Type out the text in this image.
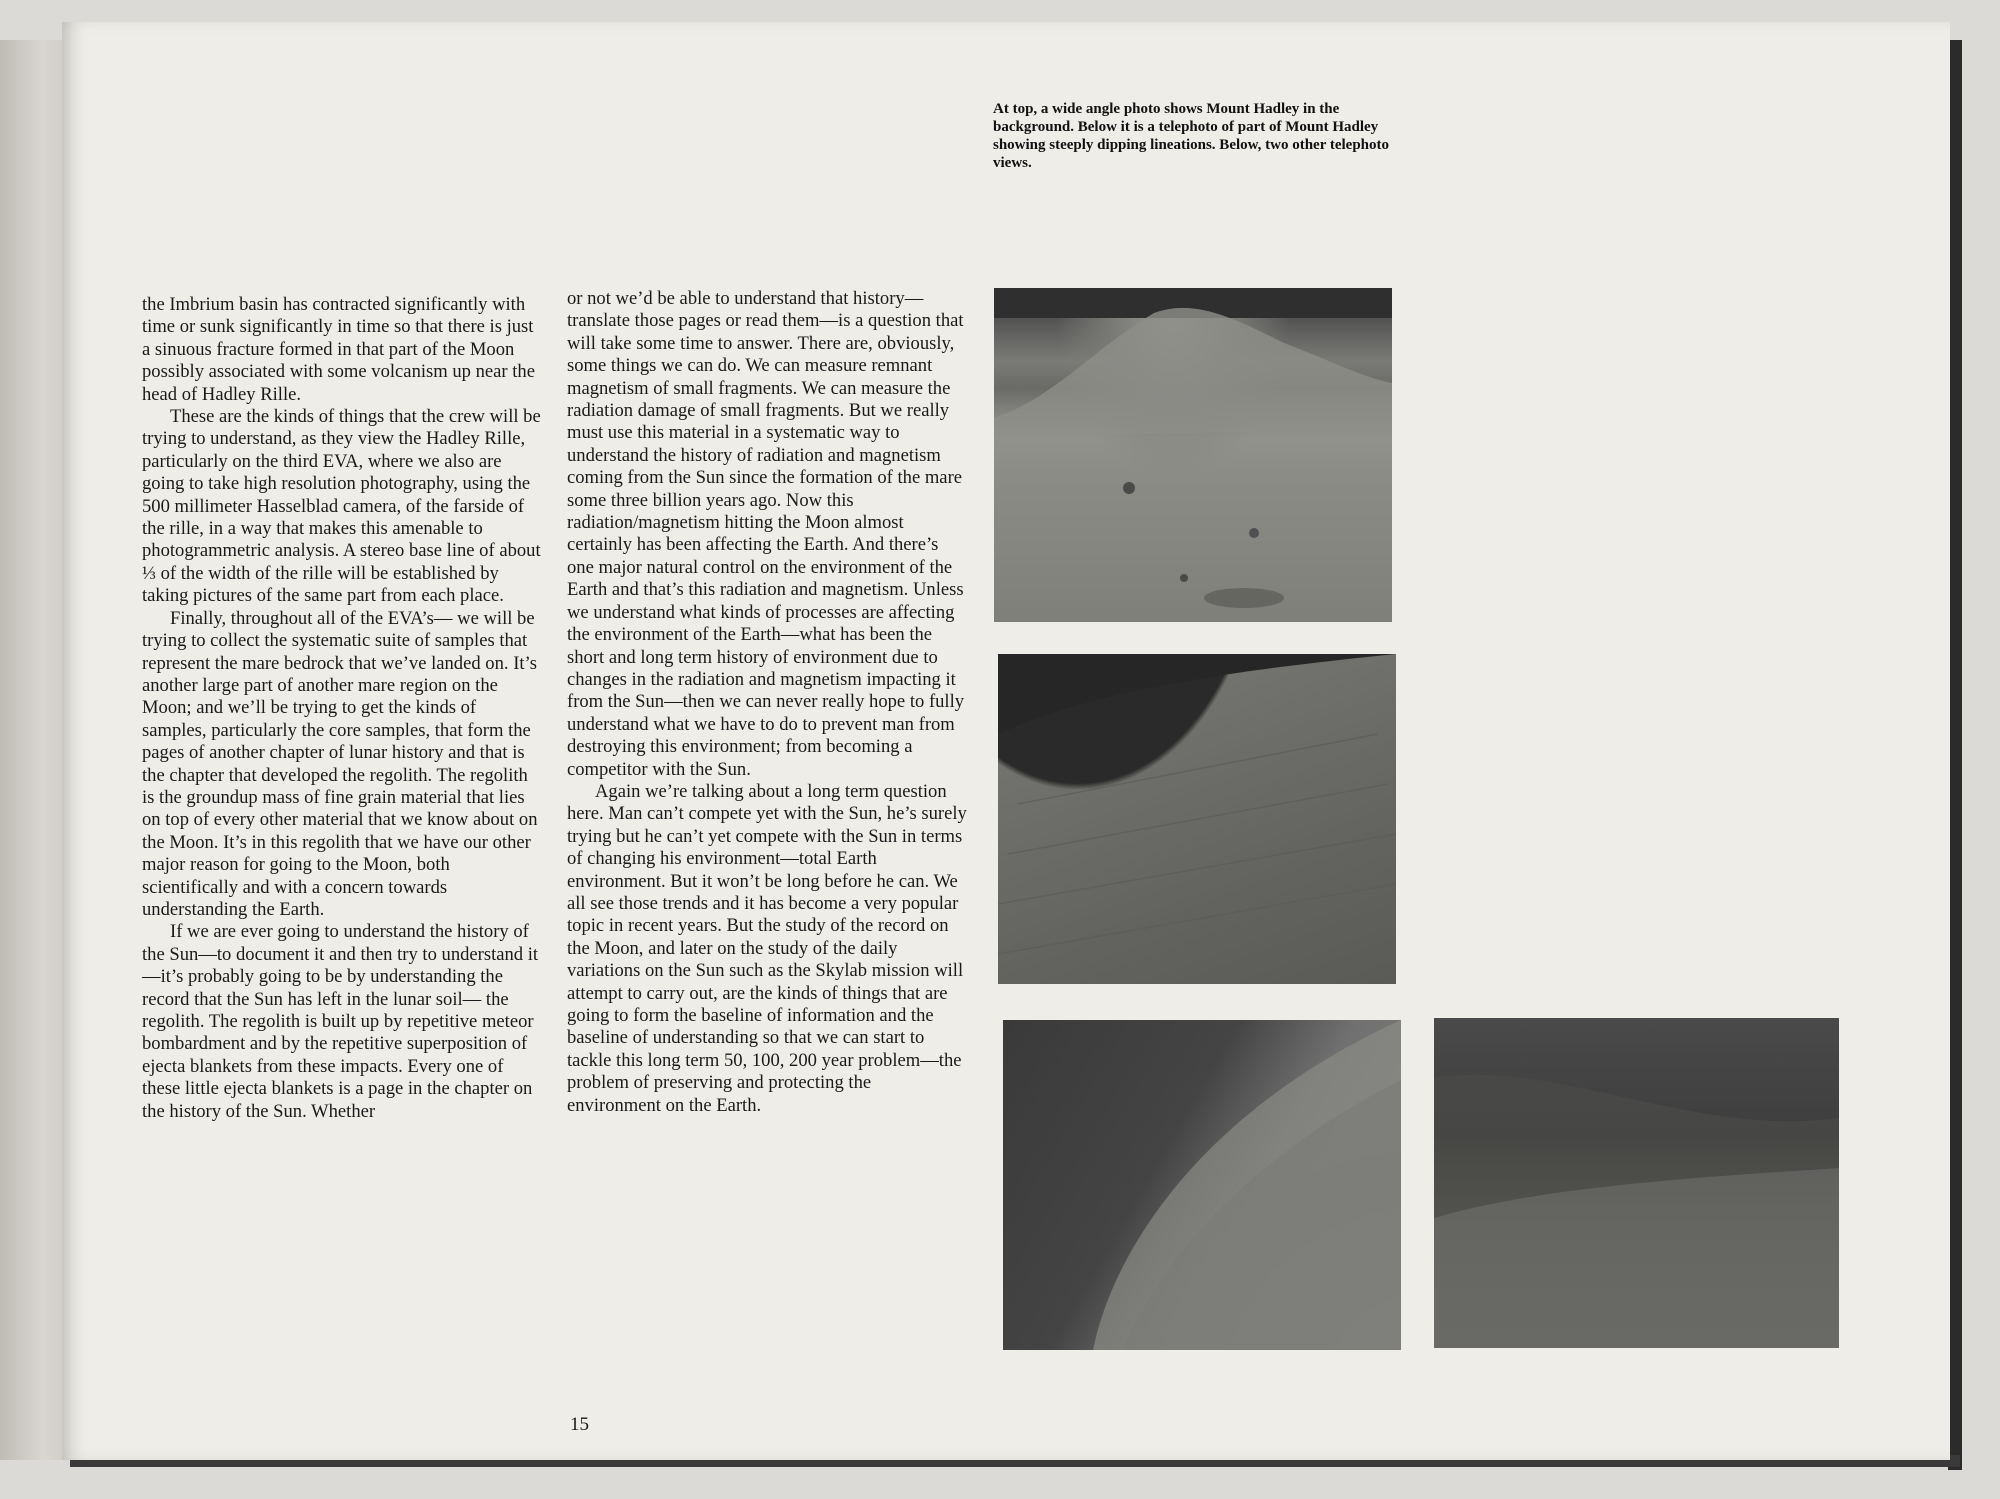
At top, a wide angle photo shows Mount Hadley in the background. Below it is a telephoto of part of Mount Hadley showing steeply dipping lineations. Below, two other telephoto views.

the Imbrium basin has contracted significantly with time or sunk significantly in time so that there is just a sinuous fracture formed in that part of the Moon possibly associated with some volcanism up near the head of Hadley Rille.

These are the kinds of things that the crew will be trying to understand, as they view the Hadley Rille, particularly on the third EVA, where we also are going to take high resolution photography, using the 500 millimeter Hasselblad camera, of the farside of the rille, in a way that makes this amenable to photogrammetric analysis. A stereo base line of about ⅓ of the width of the rille will be established by taking pictures of the same part from each place.

Finally, throughout all of the EVA’s— we will be trying to collect the systematic suite of samples that represent the mare bedrock that we’ve landed on. It’s another large part of another mare region on the Moon; and we’ll be trying to get the kinds of samples, particularly the core samples, that form the pages of another chapter of lunar history and that is the chapter that developed the regolith. The regolith is the groundup mass of fine grain material that lies on top of every other material that we know about on the Moon. It’s in this regolith that we have our other major reason for going to the Moon, both scientifically and with a concern towards understanding the Earth.

If we are ever going to understand the history of the Sun—to document it and then try to understand it—it’s probably going to be by understanding the record that the Sun has left in the lunar soil— the regolith. The regolith is built up by repetitive meteor bombardment and by the repetitive superposition of ejecta blankets from these impacts. Every one of these little ejecta blankets is a page in the chapter on the history of the Sun. Whether

or not we’d be able to understand that history—translate those pages or read them—is a question that will take some time to answer. There are, obviously, some things we can do. We can measure remnant magnetism of small fragments. We can measure the radiation damage of small fragments. But we really must use this material in a systematic way to understand the history of radiation and magnetism coming from the Sun since the formation of the mare some three billion years ago. Now this radiation/magnetism hitting the Moon almost certainly has been affecting the Earth. And there’s one major natural control on the environment of the Earth and that’s this radiation and magnetism. Unless we understand what kinds of processes are affecting the environment of the Earth—what has been the short and long term history of environment due to changes in the radiation and magnetism impacting it from the Sun—then we can never really hope to fully understand what we have to do to prevent man from destroying this environment; from becoming a competitor with the Sun.

Again we’re talking about a long term question here. Man can’t compete yet with the Sun, he’s surely trying but he can’t yet compete with the Sun in terms of changing his environment—total Earth environment. But it won’t be long before he can. We all see those trends and it has become a very popular topic in recent years. But the study of the record on the Moon, and later on the study of the daily variations on the Sun such as the Skylab mission will attempt to carry out, are the kinds of things that are going to form the baseline of information and the baseline of understanding so that we can start to tackle this long term 50, 100, 200 year problem—the problem of preserving and protecting the environment on the Earth.

15
